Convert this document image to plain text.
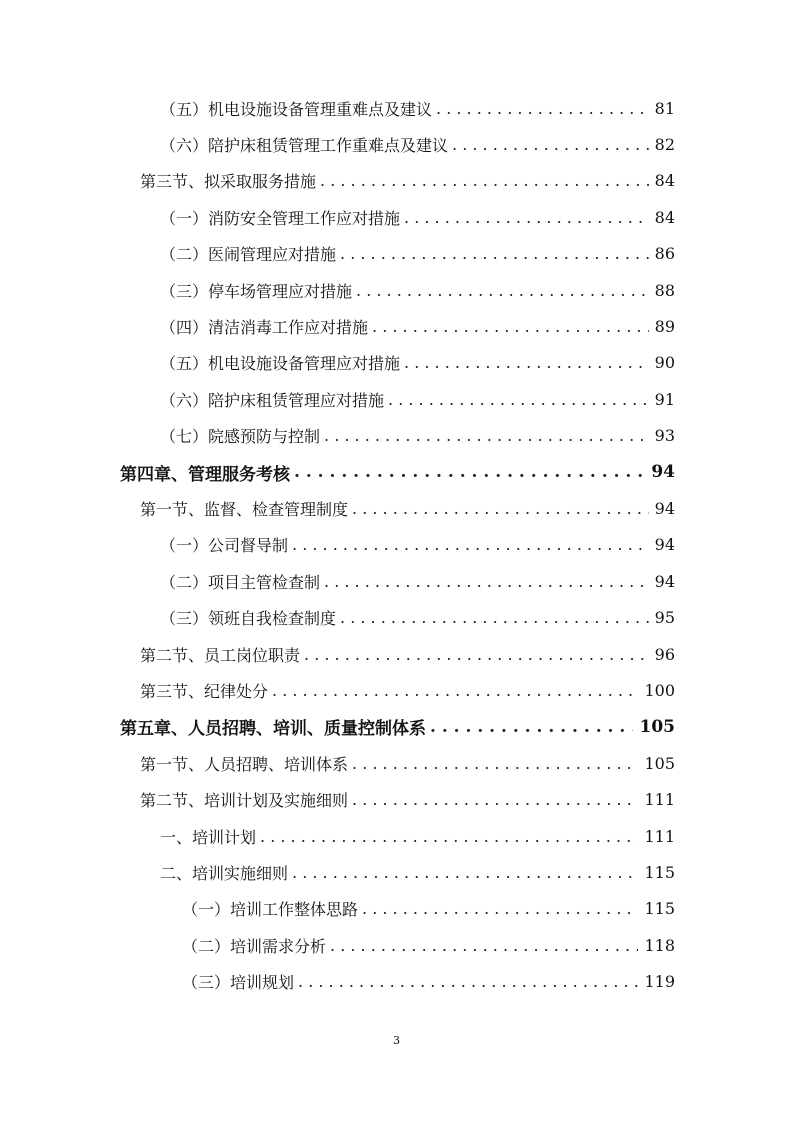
（五）机电设施设备管理重难点及建议 . . .	81
（六）陪护床租赁管理工作重难点及建议 . . .	82
第三节、拟采取服务措施 . . .	84
（一）消防安全管理工作应对措施 . . .	84
（二）医闹管理应对措施 . . .	86
（三）停车场管理应对措施 . . .	88
（四）清洁消毒工作应对措施 . . .	89
（五）机电设施设备管理应对措施 . . .	90
（六）陪护床租赁管理应对措施 . . .	91
（七）院感预防与控制 . . .	93
第四章、管理服务考核 . . .	94
第一节、监督、检查管理制度 . . .	94
（一）公司督导制 . . .	94
（二）项目主管检查制 . . .	94
（三）领班自我检查制度 . . .	95
第二节、员工岗位职责 . . .	96
第三节、纪律处分 . . .	100
第五章、人员招聘、培训、质量控制体系 . . .	105
第一节、人员招聘、培训体系 . . .	105
第二节、培训计划及实施细则 . . .	111
一、培训计划 . . .	111
二、培训实施细则 . . .	115
（一）培训工作整体思路 . . .	115
（二）培训需求分析 . . .	118
（三）培训规划 . . .	119
3
